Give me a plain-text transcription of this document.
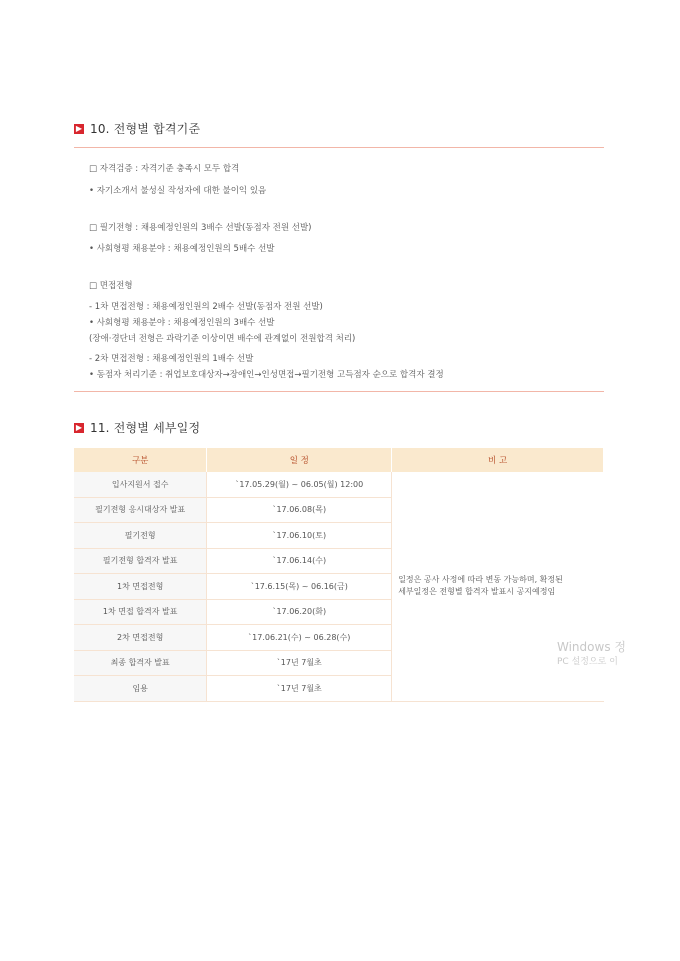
▶ 10. 전형별 합격기준
□ 자격검증 : 자격기준 충족시 모두 합격
• 자기소개서 불성실 작성자에 대한 불이익 있음
□ 필기전형 : 채용예정인원의 3배수 선발(동점자 전원 선발)
• 사회형평 채용분야 : 채용예정인원의 5배수 선발
□ 면접전형
- 1차 면접전형 : 채용예정인원의 2배수 선발(동점자 전원 선발)
• 사회형평 채용분야 : 채용예정인원의 3배수 선발
(장애·경단녀 전형은 과락기준 이상이면 배수에 관계없이 전원합격 처리)
- 2차 면접전형 : 채용예정인원의 1배수 선발
• 동점자 처리기준 : 취업보호대상자→장애인→인성면접→필기전형 고득점자 순으로 합격자 결정
▶ 11. 전형별 세부일정
구분	일 정	비 고
입사지원서 접수	`17.05.29(월) ~ 06.05(월) 12:00	일정은 공사 사정에 따라 변동 가능하며, 확정된
세부일정은 전형별 합격자 발표시 공지예정임

필기전형 응시대상자 발표	`17.06.08(목)	
필기전형	`17.06.10(토)	
필기전형 합격자 발표	`17.06.14(수)	
1차 면접전형	`17.6.15(목) ~ 06.16(금)	
1차 면접 합격자 발표	`17.06.20(화)	
2차 면접전형	`17.06.21(수) ~ 06.28(수)	
최종 합격자 발표	`17년 7월초	
임용	`17년 7월초	
Windows 정
PC 설정으로 이
